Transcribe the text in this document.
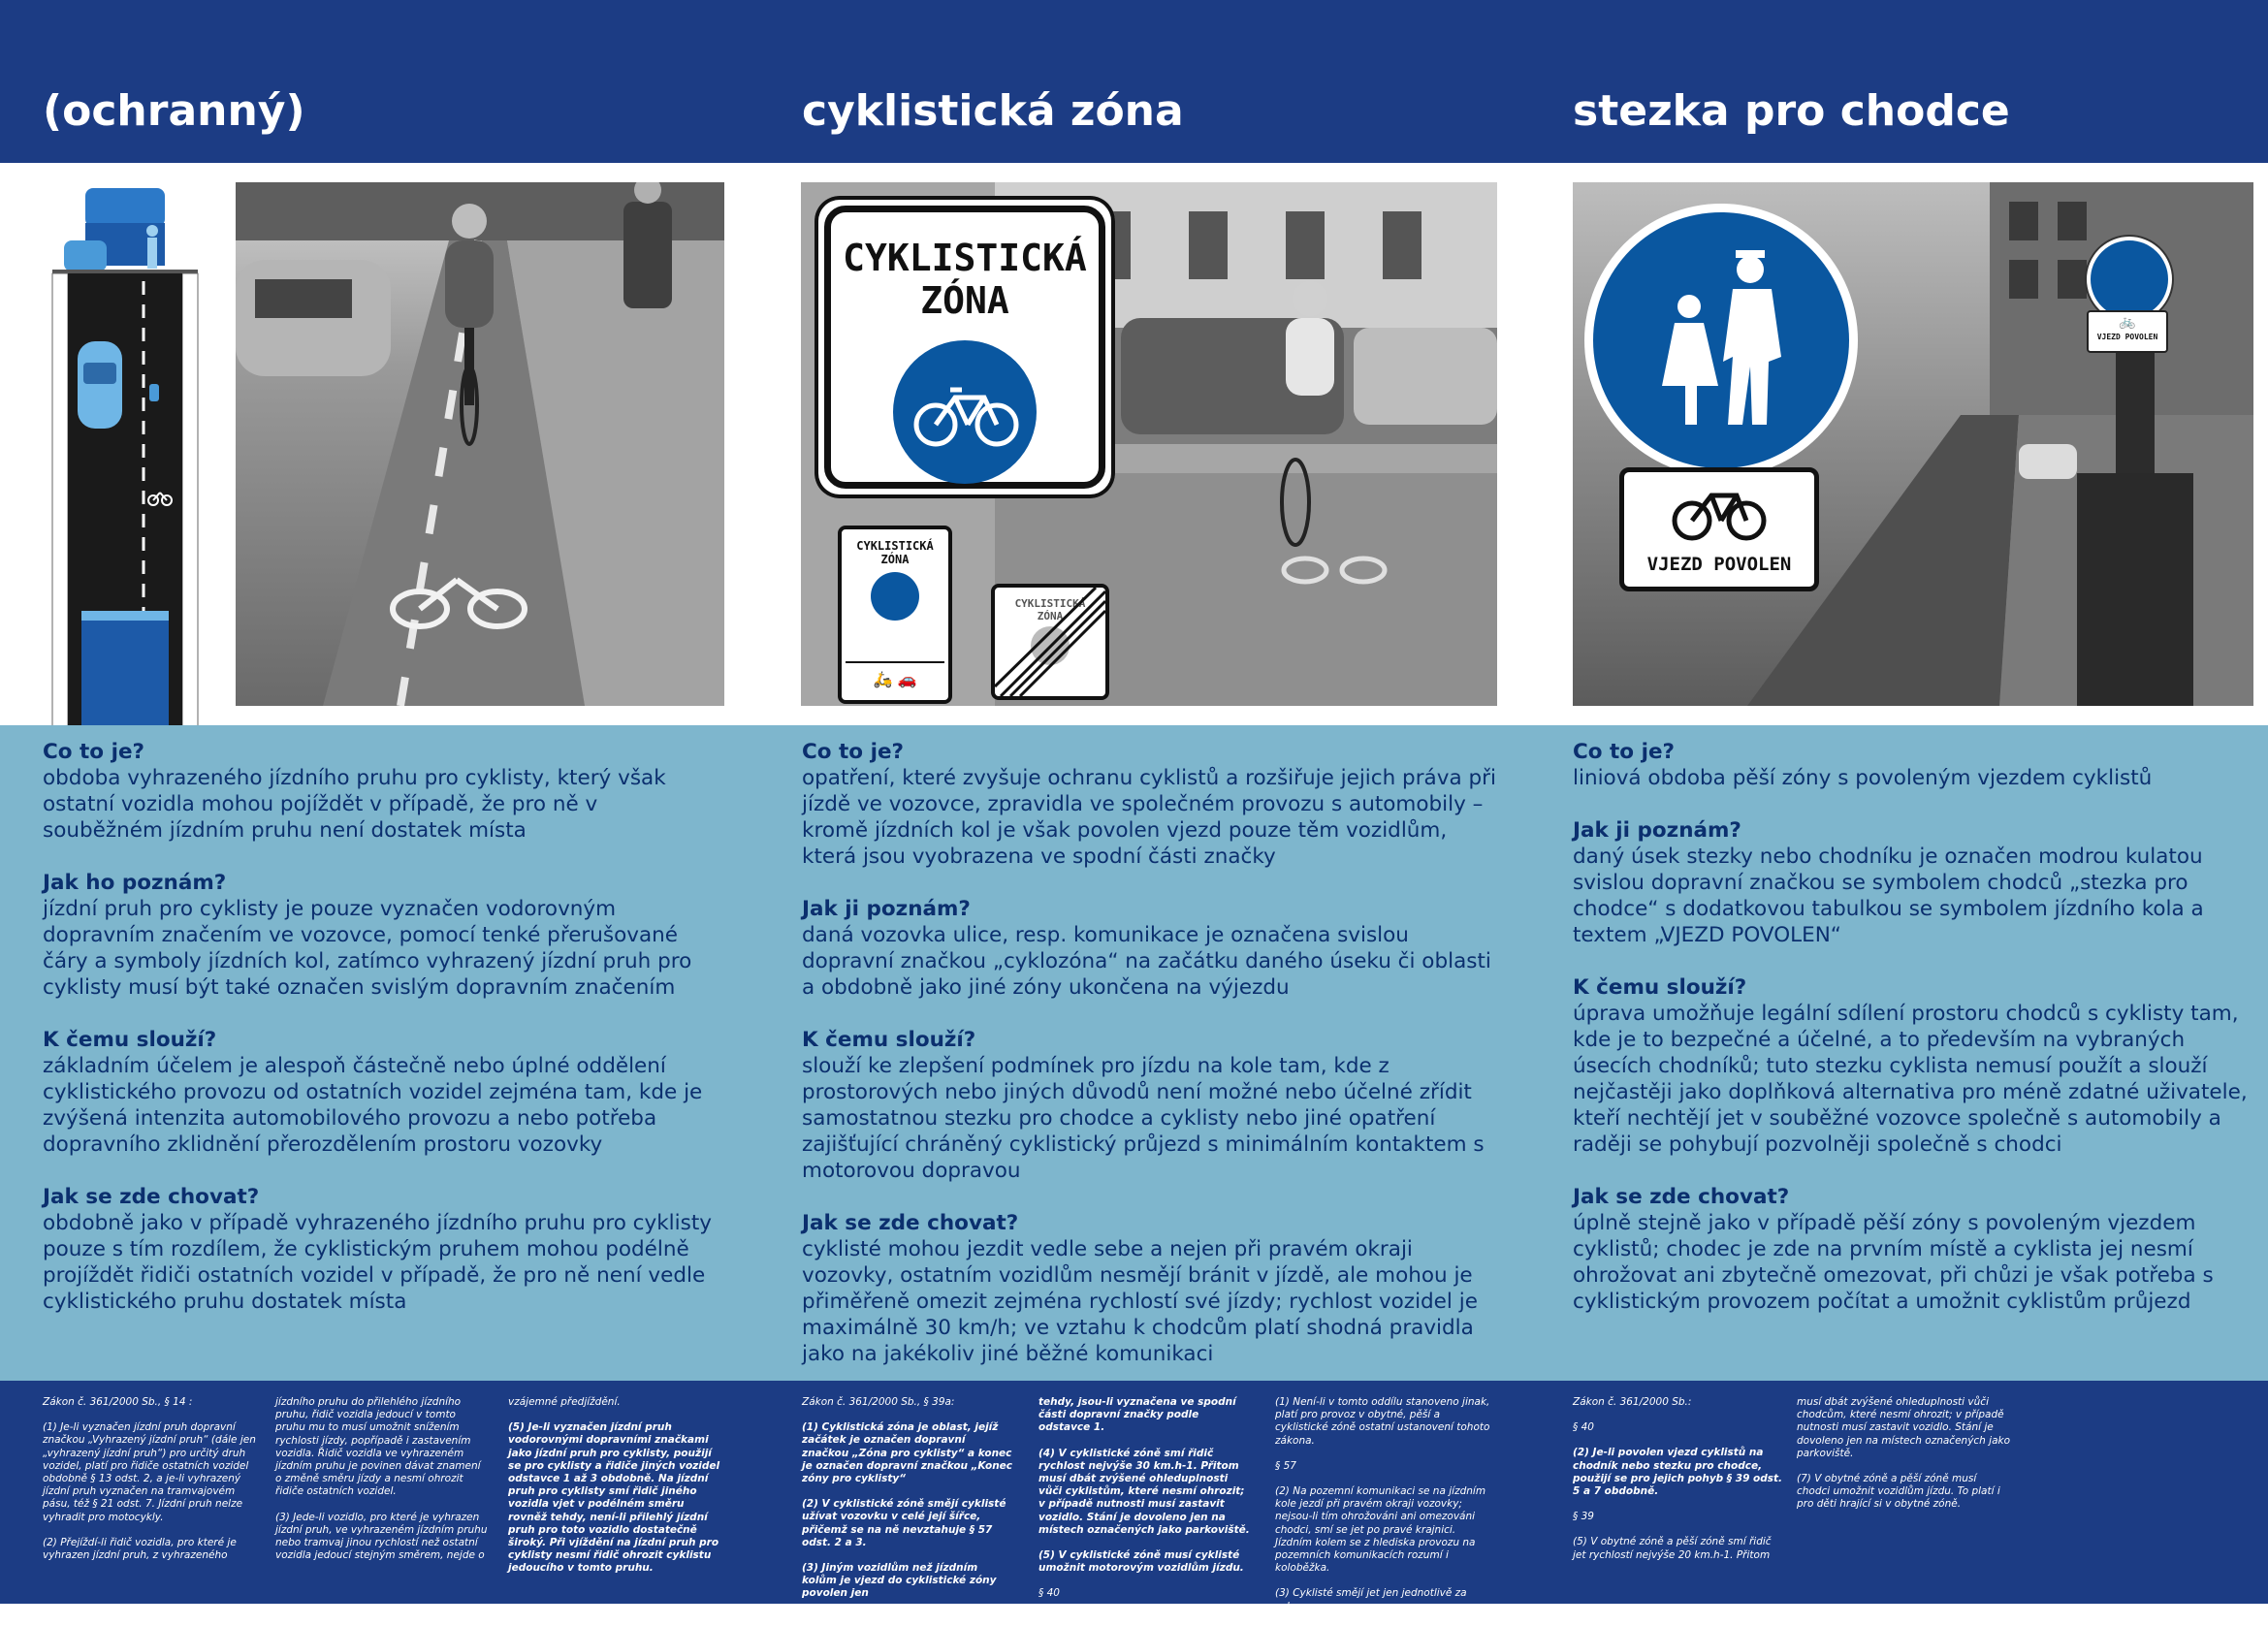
(ochranný)	cyklistická zóna	stezka pro chodce

CYKLISTICKÁ
ZÓNA
CYKLISTICKÁ
ZÓNA
🛵 🚗
CYKLISTICKÁ
ZÓNA
VJEZD POVOLEN
🚲
VJEZD POVOLEN
Co to je?

obdoba vyhrazeného jízdního pruhu pro cyklisty, který však ostatní vozidla mohou pojíždět v případě, že pro ně v souběžném jízdním pruhu není dostatek místa

Jak ho poznám?

jízdní pruh pro cyklisty je pouze vyznačen vodorovným dopravním značením ve vozovce, pomocí tenké přerušované čáry a symboly jízdních kol, zatímco vyhrazený jízdní pruh pro cyklisty musí být také označen svislým dopravním značením

K čemu slouží?

základním účelem je alespoň částečně nebo úplné oddělení cyklistického provozu od ostatních vozidel zejména tam, kde je zvýšená intenzita automobilového provozu a nebo potřeba dopravního zklidnění přerozdělením prostoru vozovky

Jak se zde chovat?

obdobně jako v případě vyhrazeného jízdního pruhu pro cyklisty pouze s tím rozdílem, že cyklistickým pruhem mohou podélně projíždět řidiči ostatních vozidel v případě, že pro ně není vedle cyklistického pruhu dostatek místa

Co to je?

opatření, které zvyšuje ochranu cyklistů a rozšiřuje jejich práva při jízdě ve vozovce, zpravidla ve společném provozu s automobily – kromě jízdních kol je však povolen vjezd pouze těm vozidlům, která jsou vyobrazena ve spodní části značky

Jak ji poznám?

daná vozovka ulice, resp. komunikace je označena svislou dopravní značkou „cyklozóna“ na začátku daného úseku či oblasti a obdobně jako jiné zóny ukončena na výjezdu

K čemu slouží?

slouží ke zlepšení podmínek pro jízdu na kole tam, kde z prostorových nebo jiných důvodů není možné nebo účelné zřídit samostatnou stezku pro chodce a cyklisty nebo jiné opatření zajišťující chráněný cyklistický průjezd s minimálním kontaktem s motorovou dopravou

Jak se zde chovat?

cyklisté mohou jezdit vedle sebe a nejen při pravém okraji vozovky, ostatním vozidlům nesmějí bránit v jízdě, ale mohou je přiměřeně omezit zejména rychlostí své jízdy; rychlost vozidel je maximálně 30 km/h; ve vztahu k chodcům platí shodná pravidla jako na jakékoliv jiné běžné komunikaci

Co to je?

liniová obdoba pěší zóny s povoleným vjezdem cyklistů

Jak ji poznám?

daný úsek stezky nebo chodníku je označen modrou kulatou svislou dopravní značkou se symbolem chodců „stezka pro chodce“ s dodatkovou tabulkou se symbolem jízdního kola a textem „VJEZD POVOLEN“

K čemu slouží?

úprava umožňuje legální sdílení prostoru chodců s cyklisty tam, kde je to bezpečné a účelné, a to především na vybraných úsecích chodníků; tuto stezku cyklista nemusí použít a slouží nejčastěji jako doplňková alternativa pro méně zdatné uživatele, kteří nechtějí jet v souběžné vozovce společně s automobily a raději se pohybují pozvolněji společně s chodci

Jak se zde chovat?

úplně stejně jako v případě pěší zóny s povoleným vjezdem cyklistů; chodec je zde na prvním místě a cyklista jej nesmí ohrožovat ani zbytečně omezovat, při chůzi je však potřeba s cyklistickým provozem počítat a umožnit cyklistům průjezd

Zákon č. 361/2000 Sb., § 14 :

(1) Je-li vyznačen jízdní pruh dopravní značkou „Vyhrazený jízdní pruh“ (dále jen „vyhrazený jízdní pruh“) pro určitý druh vozidel, platí pro řidiče ostatních vozidel obdobně § 13 odst. 2, a je-li vyhrazený jízdní pruh vyznačen na tramvajovém pásu, též § 21 odst. 7. Jízdní pruh nelze vyhradit pro motocykly.

(2) Přejíždí-li řidič vozidla, pro které je vyhrazen jízdní pruh, z vyhrazeného

jízdního pruhu do přilehlého jízdního pruhu, řidič vozidla jedoucí v tomto pruhu mu to musí umožnit snížením rychlosti jízdy, popřípadě i zastavením vozidla. Řidič vozidla ve vyhrazeném jízdním pruhu je povinen dávat znamení o změně směru jízdy a nesmí ohrozit řidiče ostatních vozidel.

(3) Jede-li vozidlo, pro které je vyhrazen jízdní pruh, ve vyhrazeném jízdním pruhu nebo tramvaj jinou rychlostí než ostatní vozidla jedoucí stejným směrem, nejde o

vzájemné předjíždění.

(5) Je-li vyznačen jízdní pruh vodorovnými dopravními značkami jako jízdní pruh pro cyklisty, použijí se pro cyklisty a řidiče jiných vozidel odstavce 1 až 3 obdobně. Na jízdní pruh pro cyklisty smí řidič jiného vozidla vjet v podélném směru rovněž tehdy, není-li přilehlý jízdní pruh pro toto vozidlo dostatečně široký. Při vjíždění na jízdní pruh pro cyklisty nesmí řidič ohrozit cyklistu jedoucího v tomto pruhu.

Zákon č. 361/2000 Sb., § 39a:

(1) Cyklistická zóna je oblast, jejíž začátek je označen dopravní značkou „Zóna pro cyklisty“ a konec je označen dopravní značkou „Konec zóny pro cyklisty“

(2) V cyklistické zóně smějí cyklisté užívat vozovku v celé její šířce, přičemž se na ně nevztahuje § 57 odst. 2 a 3.

(3) Jiným vozidlům než jízdním kolům je vjezd do cyklistické zóny povolen jen

tehdy, jsou-li vyznačena ve spodní části dopravní značky podle odstavce 1.

(4) V cyklistické zóně smí řidič rychlost nejvýše 30 km.h-1. Přitom musí dbát zvýšené ohleduplnosti vůči cyklistům, které nesmí ohrozit; v případě nutnosti musí zastavit vozidlo. Stání je dovoleno jen na místech označených jako parkoviště.

(5) V cyklistické zóně musí cyklisté umožnit motorovým vozidlům jízdu.

§ 40

(1) Není-li v tomto oddílu stanoveno jinak, platí pro provoz v obytné, pěší a cyklistické zóně ostatní ustanovení tohoto zákona.

§ 57

(2) Na pozemní komunikaci se na jízdním kole jezdí při pravém okraji vozovky; nejsou-li tím ohrožováni ani omezováni chodci, smí se jet po pravé krajnici. Jízdním kolem se z hlediska provozu na pozemních komunikacích rozumí i koloběžka.

(3) Cyklisté smějí jet jen jednotlivě za sebou.

Zákon č. 361/2000 Sb.:

§ 40

(2) Je-li povolen vjezd cyklistů na chodník nebo stezku pro chodce, použijí se pro jejich pohyb § 39 odst. 5 a 7 obdobně.

§ 39

(5) V obytné zóně a pěší zóně smí řidič jet rychlostí nejvýše 20 km.h-1. Přitom

musí dbát zvýšené ohleduplnosti vůči chodcům, které nesmí ohrozit; v případě nutnosti musí zastavit vozidlo. Stání je dovoleno jen na místech označených jako parkoviště.

(7) V obytné zóně a pěší zóně musí chodci umožnit vozidlům jízdu. To platí i pro děti hrající si v obytné zóně.
